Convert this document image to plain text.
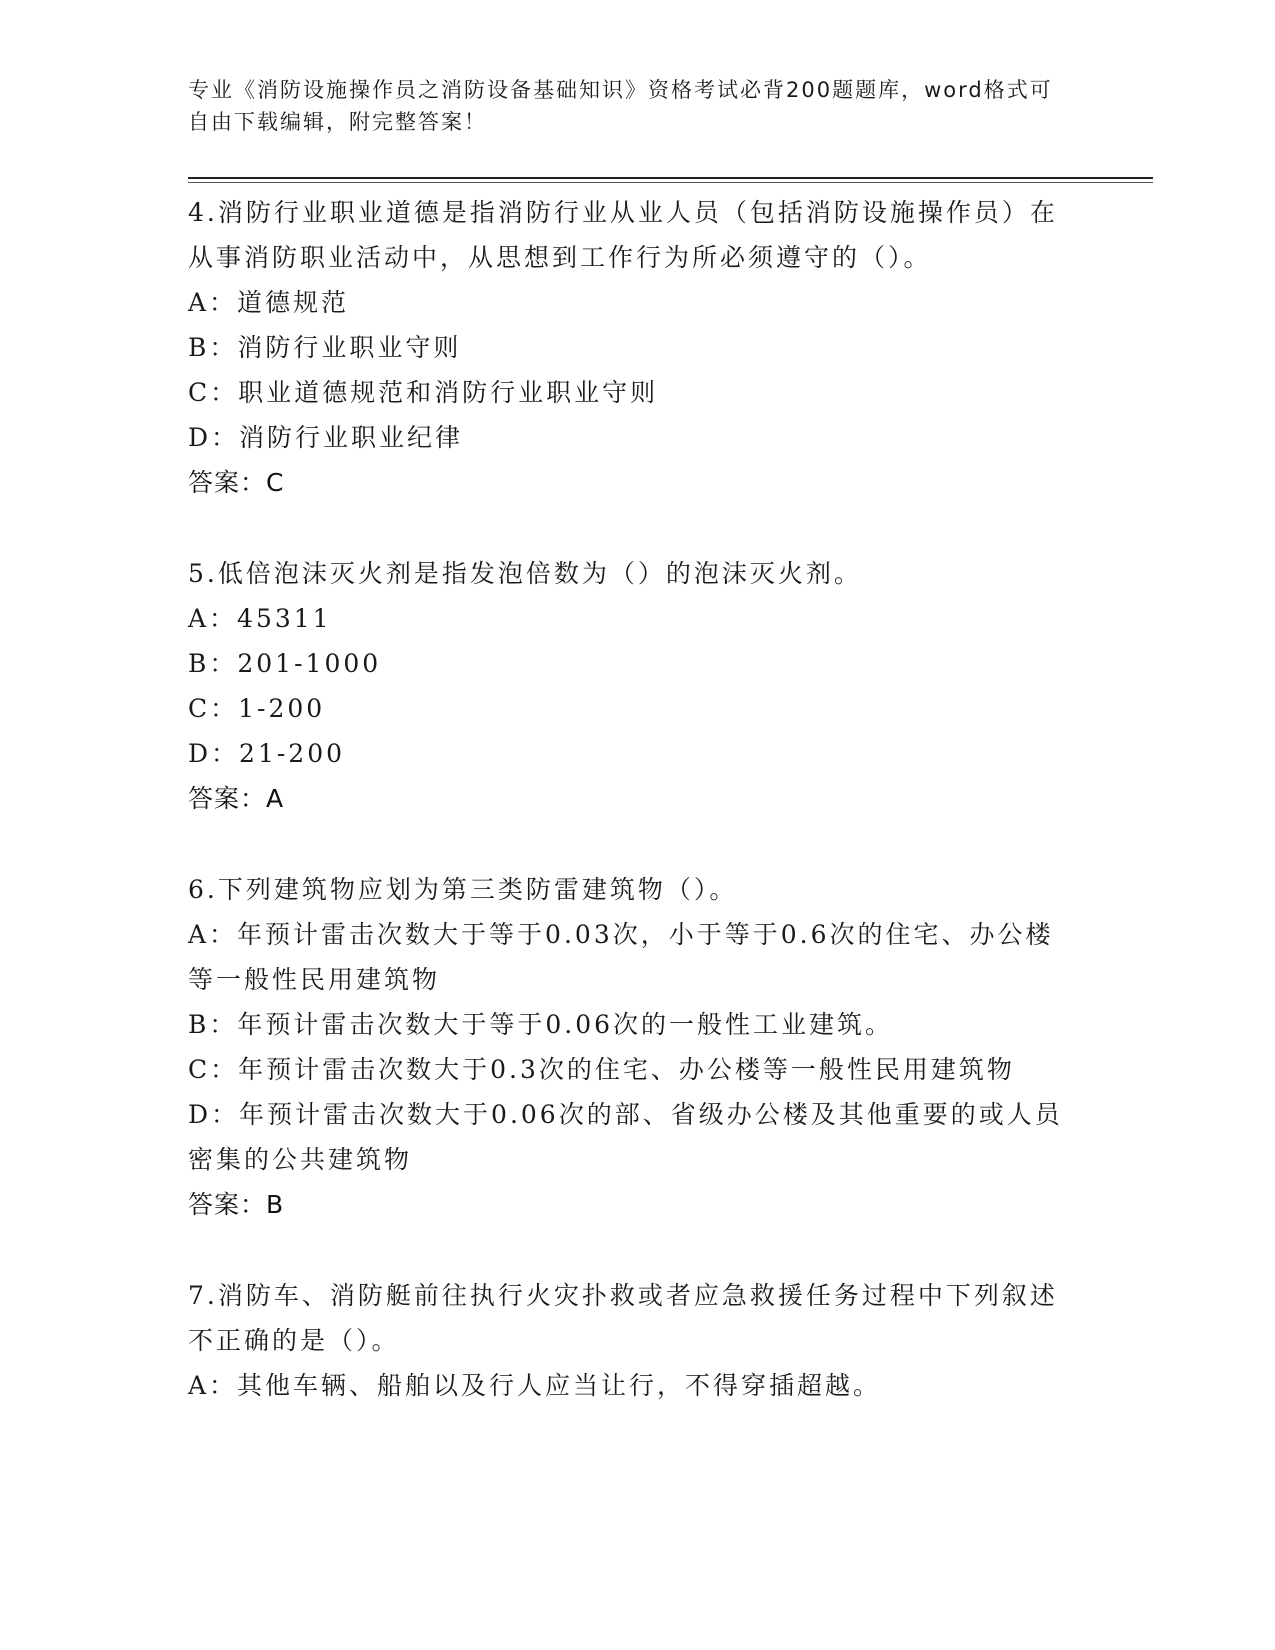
专业《消防设施操作员之消防设备基础知识》资格考试必背200题题库，word格式可自由下载编辑，附完整答案！

4.消防行业职业道德是指消防行业从业人员（包括消防设施操作员）在从事消防职业活动中，从思想到工作行为所必须遵守的（）。

A：道德规范

B：消防行业职业守则

C：职业道德规范和消防行业职业守则

D：消防行业职业纪律

答案：C

5.低倍泡沫灭火剂是指发泡倍数为（）的泡沫灭火剂。

A：45311

B：201-1000

C：1-200

D：21-200

答案：A

6.下列建筑物应划为第三类防雷建筑物（）。

A：年预计雷击次数大于等于0.03次，小于等于0.6次的住宅、办公楼等一般性民用建筑物

B：年预计雷击次数大于等于0.06次的一般性工业建筑。

C：年预计雷击次数大于0.3次的住宅、办公楼等一般性民用建筑物

D：年预计雷击次数大于0.06次的部、省级办公楼及其他重要的或人员密集的公共建筑物

答案：B

7.消防车、消防艇前往执行火灾扑救或者应急救援任务过程中下列叙述不正确的是（）。

A：其他车辆、船舶以及行人应当让行，不得穿插超越。
